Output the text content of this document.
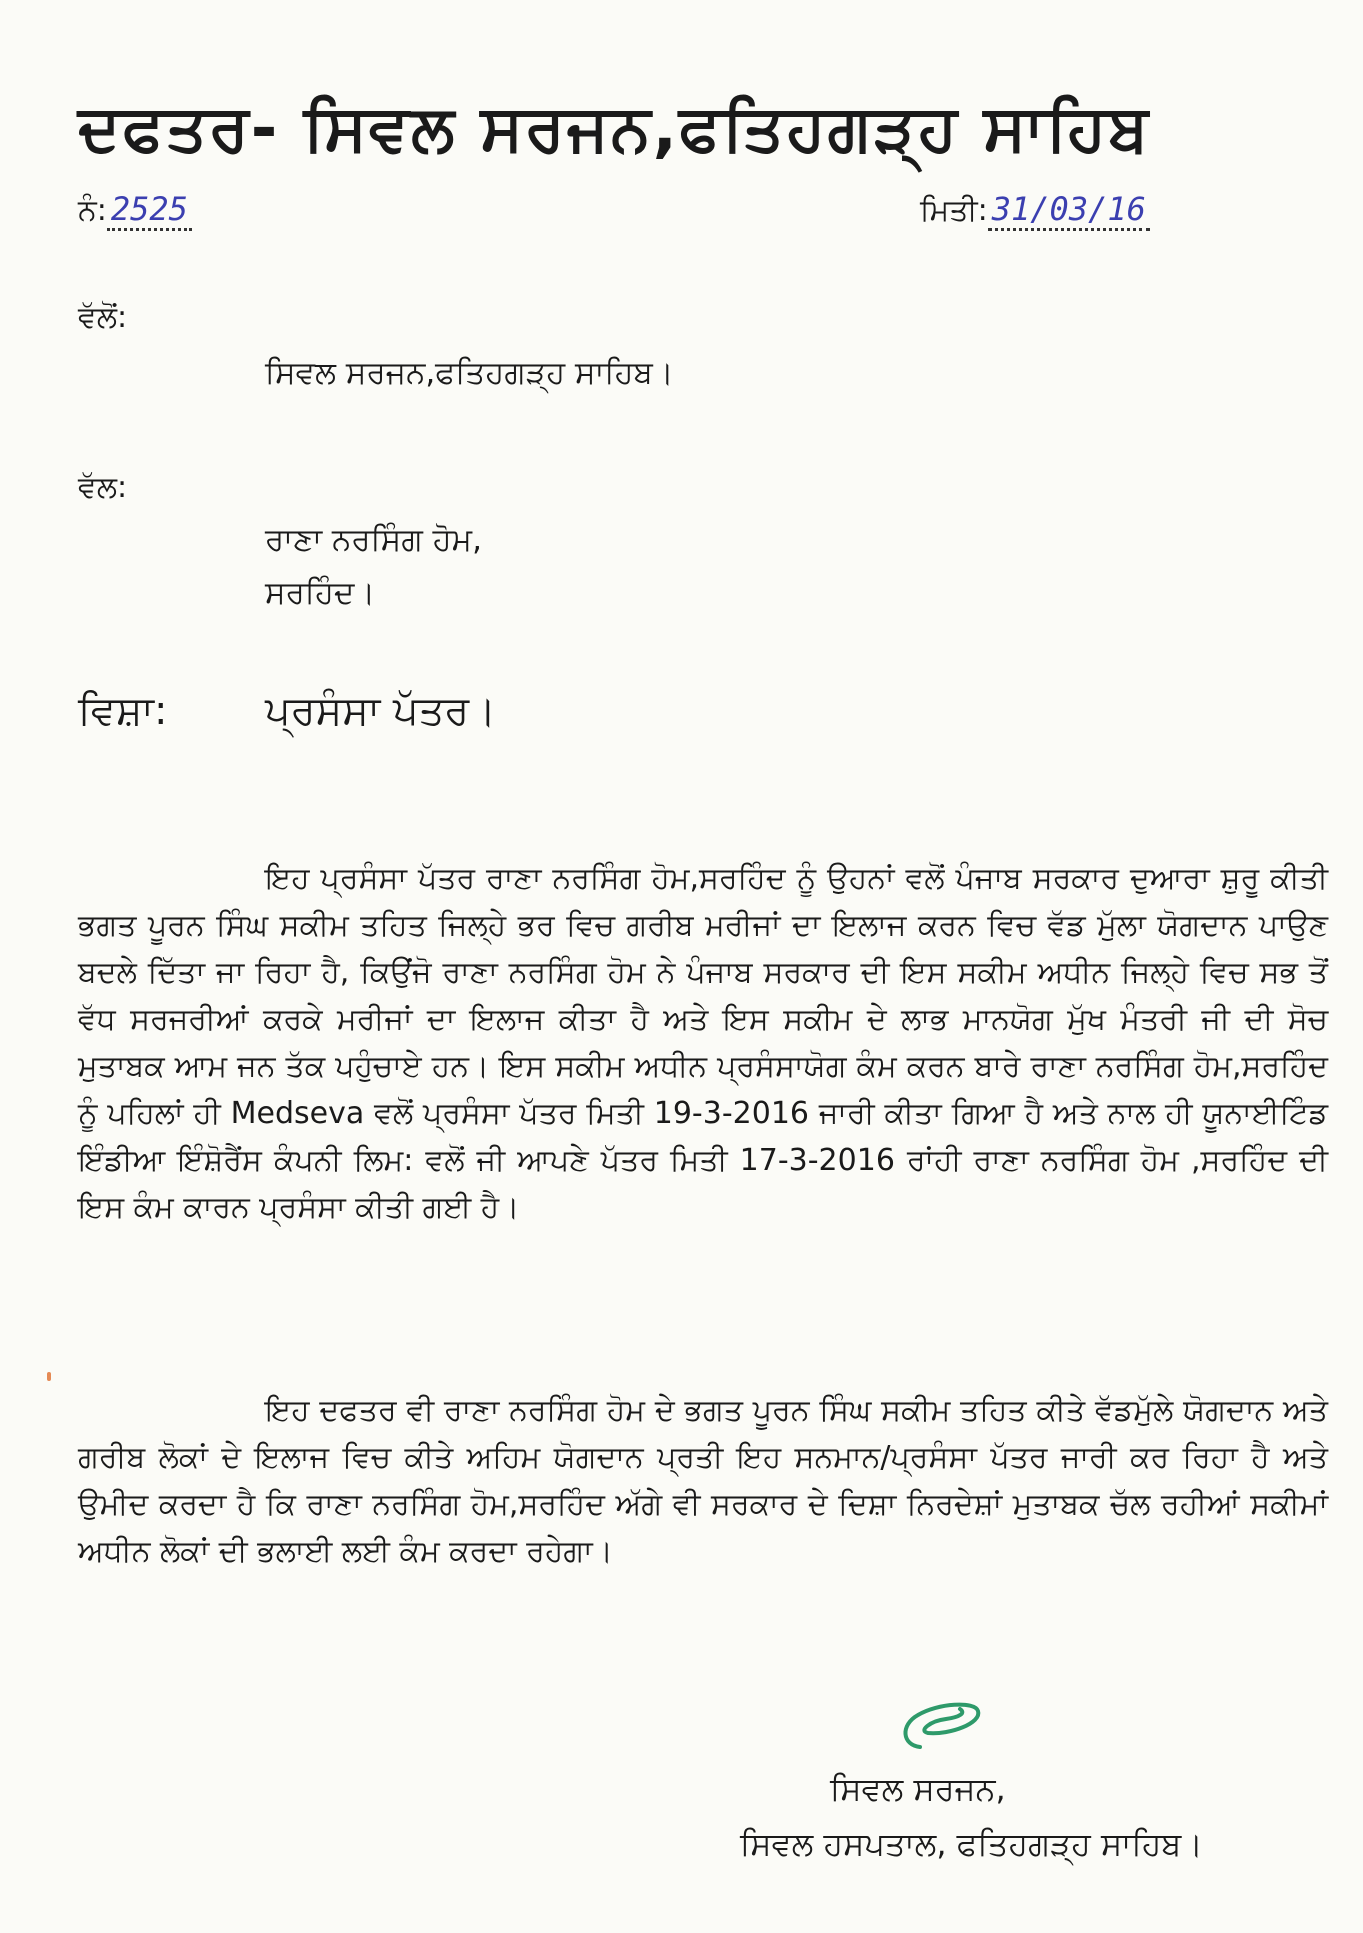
ਦਫਤਰ- ਸਿਵਲ ਸਰਜਨ,ਫਤਿਹਗੜ੍ਹ ਸਾਹਿਬ
ਨੰ: 2525	ਮਿਤੀ: 31/03/16
ਵੱਲੋਂ:
ਸਿਵਲ ਸਰਜਨ,ਫਤਿਹਗੜ੍ਹ ਸਾਹਿਬ।
ਵੱਲ:
ਰਾਣਾ ਨਰਸਿੰਗ ਹੋਮ,
ਸਰਹਿੰਦ।
ਵਿਸ਼ਾ: ਪ੍ਰਸੰਸਾ ਪੱਤਰ।
ਇਹ ਪ੍ਰਸੰਸਾ ਪੱਤਰ ਰਾਣਾ ਨਰਸਿੰਗ ਹੋਮ,ਸਰਹਿੰਦ ਨੂੰ ਉਹਨਾਂ ਵਲੋਂ ਪੰਜਾਬ ਸਰਕਾਰ ਦੁਆਰਾ ਸ਼ੁਰੂ ਕੀਤੀ ਭਗਤ ਪੂਰਨ ਸਿੰਘ ਸਕੀਮ ਤਹਿਤ ਜਿਲ੍ਹੇ ਭਰ ਵਿਚ ਗਰੀਬ ਮਰੀਜਾਂ ਦਾ ਇਲਾਜ ਕਰਨ ਵਿਚ ਵੱਡ ਮੁੱਲਾ ਯੋਗਦਾਨ ਪਾਉਣ ਬਦਲੇ ਦਿੱਤਾ ਜਾ ਰਿਹਾ ਹੈ, ਕਿਉਂਜੋ ਰਾਣਾ ਨਰਸਿੰਗ ਹੋਮ ਨੇ ਪੰਜਾਬ ਸਰਕਾਰ ਦੀ ਇਸ ਸਕੀਮ ਅਧੀਨ ਜਿਲ੍ਹੇ ਵਿਚ ਸਭ ਤੋਂ ਵੱਧ ਸਰਜਰੀਆਂ ਕਰਕੇ ਮਰੀਜਾਂ ਦਾ ਇਲਾਜ ਕੀਤਾ ਹੈ ਅਤੇ ਇਸ ਸਕੀਮ ਦੇ ਲਾਭ ਮਾਨਯੋਗ ਮੁੱਖ ਮੰਤਰੀ ਜੀ ਦੀ ਸੋਚ ਮੁਤਾਬਕ ਆਮ ਜਨ ਤੱਕ ਪਹੁੰਚਾਏ ਹਨ। ਇਸ ਸਕੀਮ ਅਧੀਨ ਪ੍ਰਸੰਸਾਯੋਗ ਕੰਮ ਕਰਨ ਬਾਰੇ ਰਾਣਾ ਨਰਸਿੰਗ ਹੋਮ,ਸਰਹਿੰਦ ਨੂੰ ਪਹਿਲਾਂ ਹੀ Medseva ਵਲੋਂ ਪ੍ਰਸੰਸਾ ਪੱਤਰ ਮਿਤੀ 19-3-2016 ਜਾਰੀ ਕੀਤਾ ਗਿਆ ਹੈ ਅਤੇ ਨਾਲ ਹੀ ਯੂਨਾਈਟਿੰਡ ਇੰਡੀਆ ਇੰਸ਼ੋਰੈਂਸ ਕੰਪਨੀ ਲਿਮ: ਵਲੋਂ ਜੀ ਆਪਣੇ ਪੱਤਰ ਮਿਤੀ 17-3-2016 ਰਾਂਹੀ ਰਾਣਾ ਨਰਸਿੰਗ ਹੋਮ ,ਸਰਹਿੰਦ ਦੀ ਇਸ ਕੰਮ ਕਾਰਨ ਪ੍ਰਸੰਸਾ ਕੀਤੀ ਗਈ ਹੈ।
ਇਹ ਦਫਤਰ ਵੀ ਰਾਣਾ ਨਰਸਿੰਗ ਹੋਮ ਦੇ ਭਗਤ ਪੂਰਨ ਸਿੰਘ ਸਕੀਮ ਤਹਿਤ ਕੀਤੇ ਵੱਡਮੁੱਲੇ ਯੋਗਦਾਨ ਅਤੇ ਗਰੀਬ ਲੋਕਾਂ ਦੇ ਇਲਾਜ ਵਿਚ ਕੀਤੇ ਅਹਿਮ ਯੋਗਦਾਨ ਪ੍ਰਤੀ ਇਹ ਸਨਮਾਨ/ਪ੍ਰਸੰਸਾ ਪੱਤਰ ਜਾਰੀ ਕਰ ਰਿਹਾ ਹੈ ਅਤੇ ਉਮੀਦ ਕਰਦਾ ਹੈ ਕਿ ਰਾਣਾ ਨਰਸਿੰਗ ਹੋਮ,ਸਰਹਿੰਦ ਅੱਗੇ ਵੀ ਸਰਕਾਰ ਦੇ ਦਿਸ਼ਾ ਨਿਰਦੇਸ਼ਾਂ ਮੁਤਾਬਕ ਚੱਲ ਰਹੀਆਂ ਸਕੀਮਾਂ ਅਧੀਨ ਲੋਕਾਂ ਦੀ ਭਲਾਈ ਲਈ ਕੰਮ ਕਰਦਾ ਰਹੇਗਾ।
ਸਿਵਲ ਸਰਜਨ,
ਸਿਵਲ ਹਸਪਤਾਲ, ਫਤਿਹਗੜ੍ਹ ਸਾਹਿਬ।
